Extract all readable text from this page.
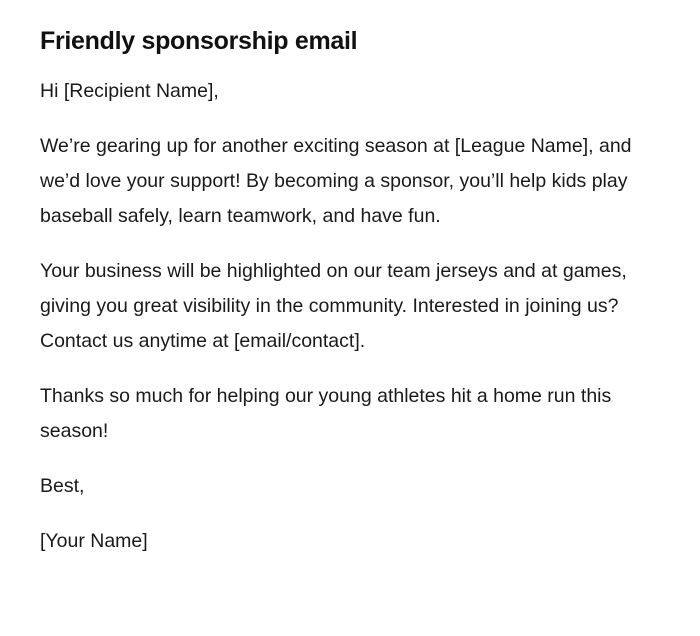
Friendly sponsorship email

Hi [Recipient Name],

We’re gearing up for another exciting season at [League Name], and we’d love your support! By becoming a sponsor, you’ll help kids play baseball safely, learn teamwork, and have fun.

Your business will be highlighted on our team jerseys and at games, giving you great visibility in the community. Interested in joining us? Contact us anytime at [email/contact].

Thanks so much for helping our young athletes hit a home run this season!

Best,

[Your Name]
